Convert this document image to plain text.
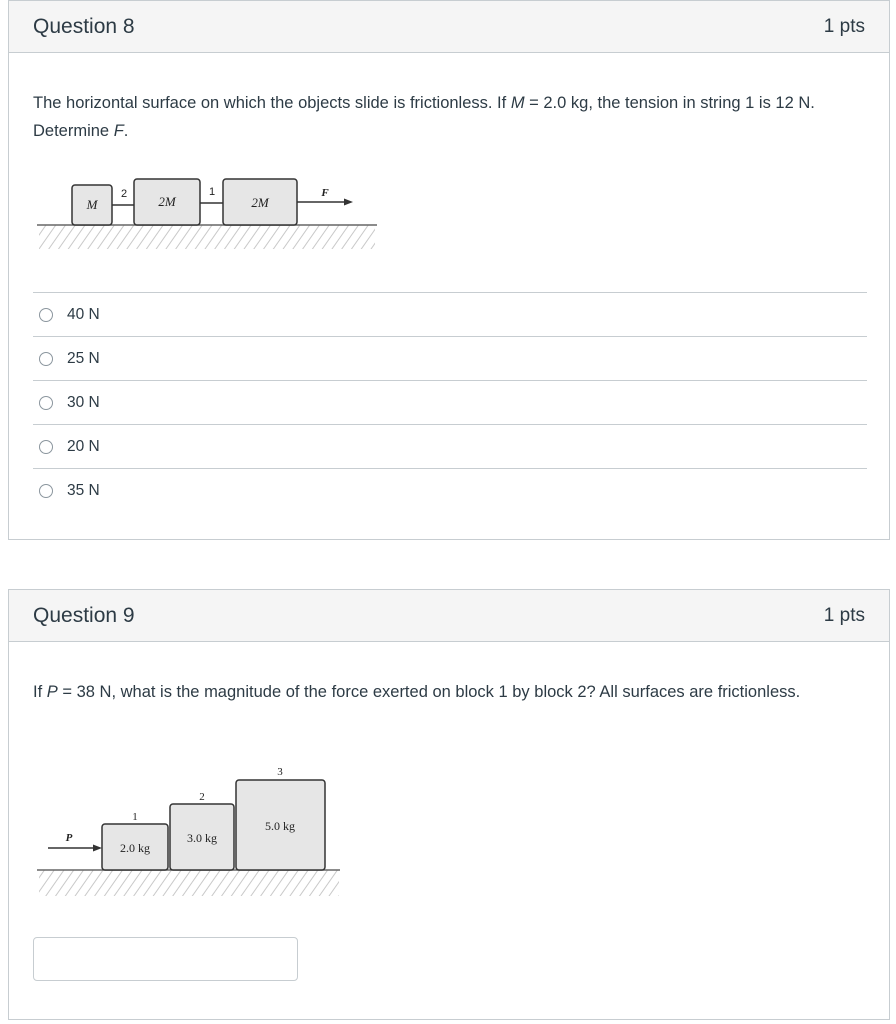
Question 8	1 pts
The horizontal surface on which the objects slide is frictionless. If M = 2.0 kg, the tension in string 1 is 12 N. Determine F.
M
2 2M
1
2M
F
40 N
25 N
30 N
20 N
35 N
Question 9	1 pts
If P = 38 N, what is the magnitude of the force exerted on block 1 by block 2? All surfaces are frictionless.
P
1
2.0 kg
2
3.0 kg
3
5.0 kg
